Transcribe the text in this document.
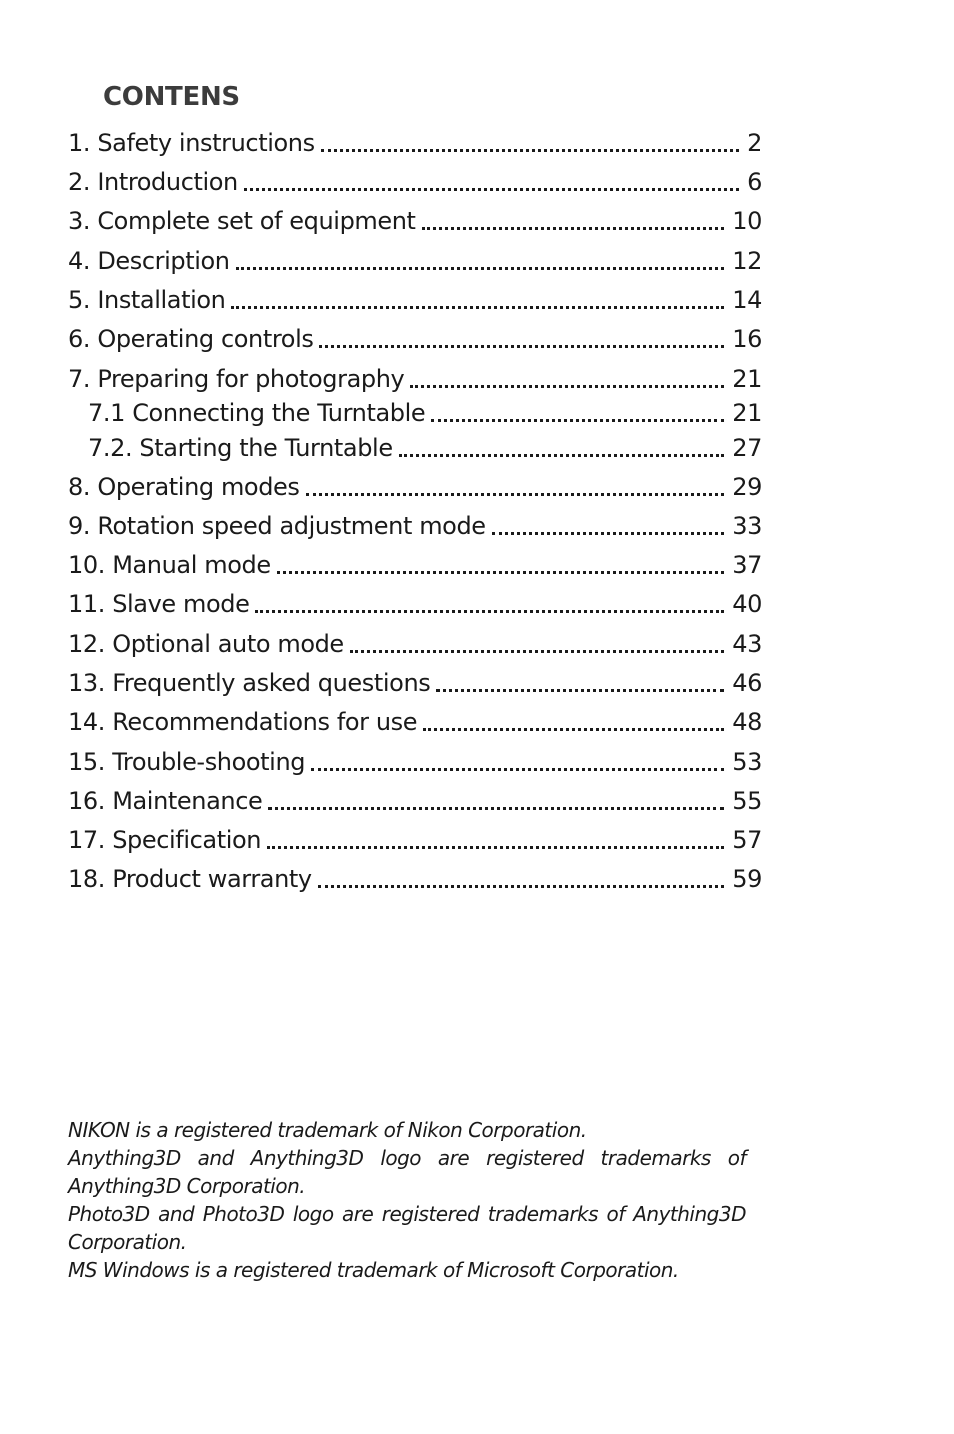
CONTENS
1. Safety instructions	2
2. Introduction	6
3. Complete set of equipment	10
4. Description	12
5. Installation	14
6. Operating controls	16
7. Preparing for photography	21
7.1 Connecting the Turntable	21
7.2. Starting the Turntable	27
8. Operating modes	29
9. Rotation speed adjustment mode	33
10. Manual mode	37
11. Slave mode	40
12. Optional auto mode	43
13. Frequently asked questions	46
14. Recommendations for use	48
15. Trouble-shooting	53
16. Maintenance	55
17. Specification	57
18. Product warranty	59

NIKON is a registered trademark of Nikon Corporation.

Anything3D and Anything3D logo are registered trademarks of Anything3D Corporation.

Photo3D and Photo3D logo are registered trademarks of Anything3D Corporation.

MS Windows is a registered trademark of Microsoft Corporation.
